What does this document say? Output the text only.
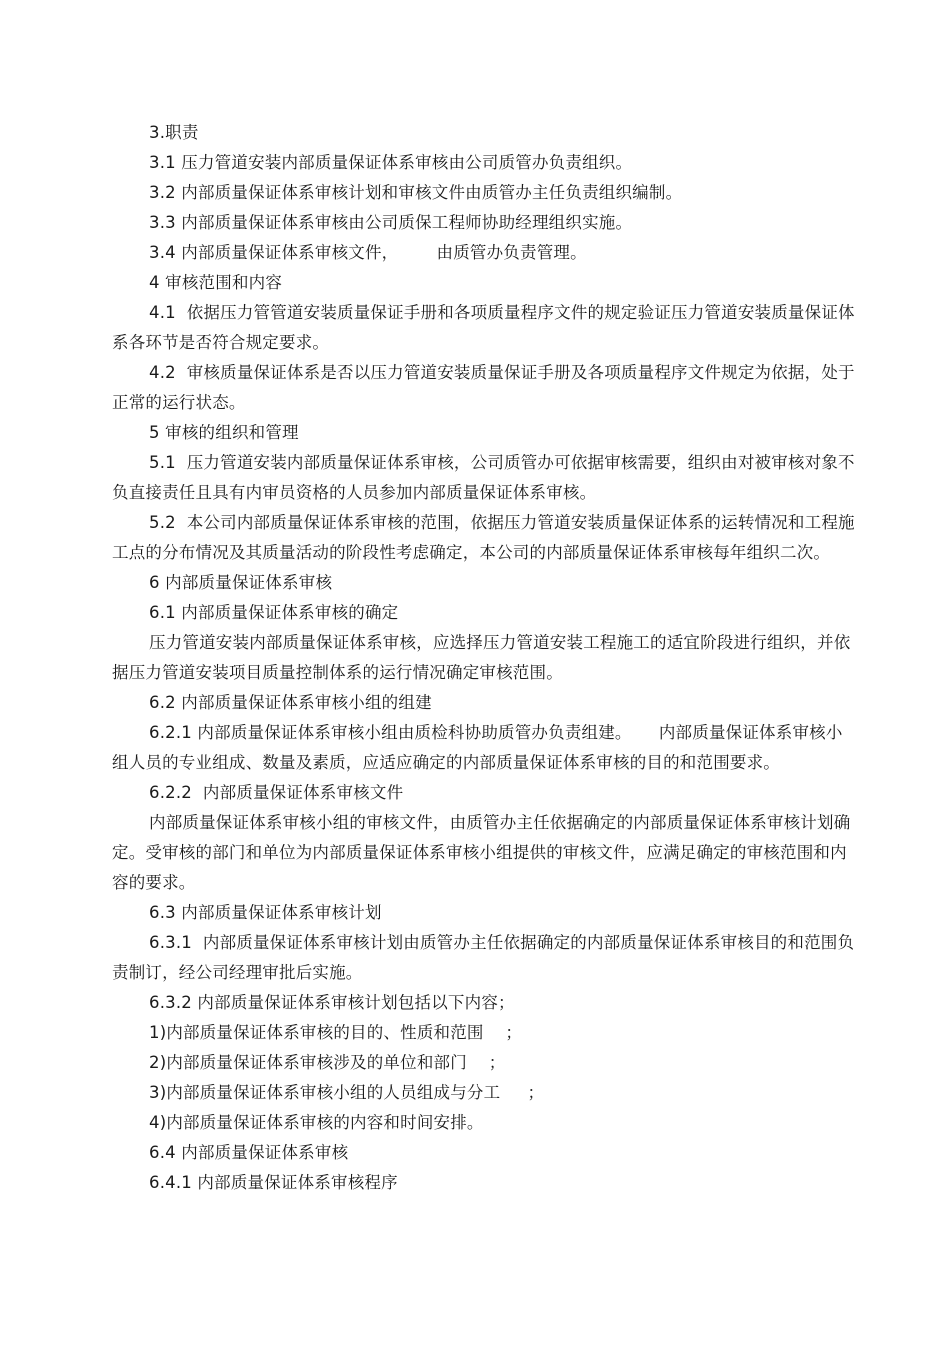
3.职责

3.1 压力管道安装内部质量保证体系审核由公司质管办负责组织。

3.2 内部质量保证体系审核计划和审核文件由质管办主任负责组织编制。

3.3 内部质量保证体系审核由公司质保工程师协助经理组织实施。

3.4 内部质量保证体系审核文件，       由质管办负责管理。

4 审核范围和内容

4.1  依据压力管管道安装质量保证手册和各项质量程序文件的规定验证压力管道安装质量保证体系各环节是否符合规定要求。

4.2  审核质量保证体系是否以压力管道安装质量保证手册及各项质量程序文件规定为依据，处于正常的运行状态。

5 审核的组织和管理

5.1  压力管道安装内部质量保证体系审核，公司质管办可依据审核需要，组织由对被审核对象不负直接责任且具有内审员资格的人员参加内部质量保证体系审核。

5.2  本公司内部质量保证体系审核的范围，依据压力管道安装质量保证体系的运转情况和工程施工点的分布情况及其质量活动的阶段性考虑确定，本公司的内部质量保证体系审核每年组织二次。

6 内部质量保证体系审核

6.1 内部质量保证体系审核的确定

压力管道安装内部质量保证体系审核，应选择压力管道安装工程施工的适宜阶段进行组织，并依据压力管道安装项目质量控制体系的运行情况确定审核范围。

6.2 内部质量保证体系审核小组的组建

6.2.1 内部质量保证体系审核小组由质检科协助质管办负责组建。     内部质量保证体系审核小组人员的专业组成、数量及素质，应适应确定的内部质量保证体系审核的目的和范围要求。

6.2.2  内部质量保证体系审核文件

内部质量保证体系审核小组的审核文件，由质管办主任依据确定的内部质量保证体系审核计划确定。受审核的部门和单位为内部质量保证体系审核小组提供的审核文件，应满足确定的审核范围和内容的要求。

6.3 内部质量保证体系审核计划

6.3.1  内部质量保证体系审核计划由质管办主任依据确定的内部质量保证体系审核目的和范围负责制订，经公司经理审批后实施。

6.3.2 内部质量保证体系审核计划包括以下内容；

1)内部质量保证体系审核的目的、性质和范围    ；

2)内部质量保证体系审核涉及的单位和部门    ；

3)内部质量保证体系审核小组的人员组成与分工     ；

4)内部质量保证体系审核的内容和时间安排。

6.4 内部质量保证体系审核

6.4.1 内部质量保证体系审核程序
